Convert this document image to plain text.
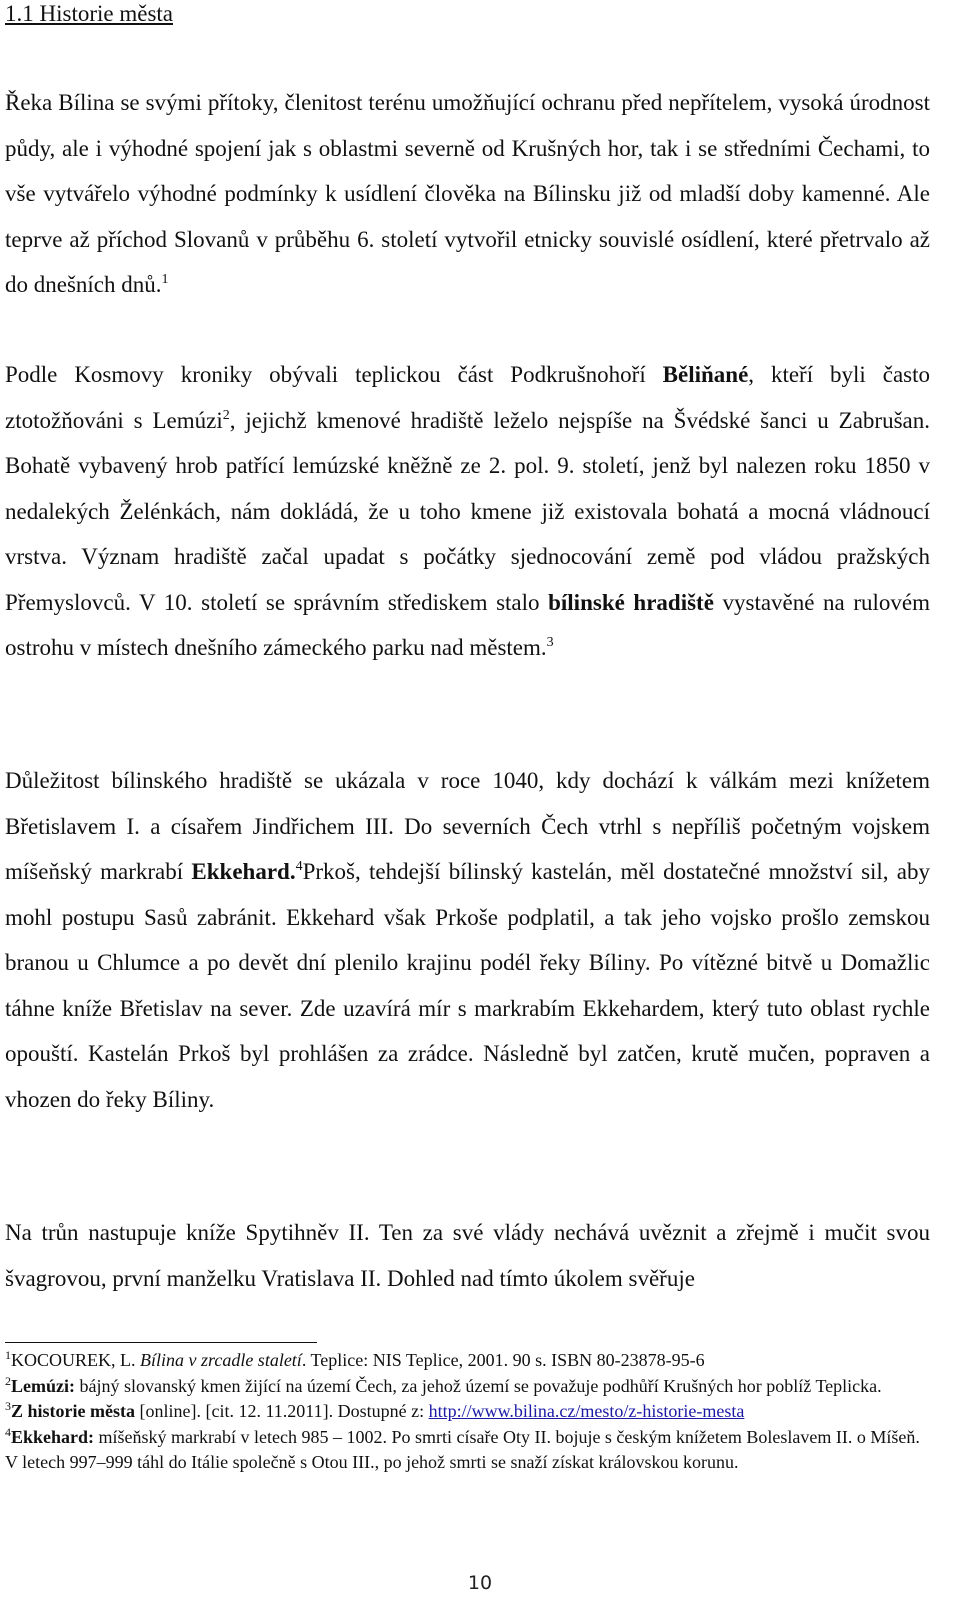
1.1 Historie města

Řeka Bílina se svými přítoky, členitost terénu umožňující ochranu před nepřítelem, vysoká úrodnost půdy, ale i výhodné spojení jak s oblastmi severně od Krušných hor, tak i se středními Čechami, to vše vytvářelo výhodné podmínky k usídlení člověka na Bílinsku již od mladší doby kamenné. Ale teprve až příchod Slovanů v průběhu 6. století vytvořil etnicky souvislé osídlení, které přetrvalo až do dnešních dnů.$^1$

Podle Kosmovy kroniky obývali teplickou část Podkrušnohoří Běliňané, kteří byli často ztotožňováni s Lemúzi$^2$, jejichž kmenové hradiště leželo nejspíše na Švédské šanci u Zabrušan. Bohatě vybavený hrob patřící lemúzské kněžně ze 2. pol. 9. století, jenž byl nalezen roku 1850 v nedalekých Želénkách, nám dokládá, že u toho kmene již existovala bohatá a mocná vládnoucí vrstva. Význam hradiště začal upadat s počátky sjednocování země pod vládou pražských Přemyslovců. V 10. století se správním střediskem stalo bílinské hradiště vystavěné na rulovém ostrohu v místech dnešního zámeckého parku nad městem.$^3$

Důležitost bílinského hradiště se ukázala v roce 1040, kdy dochází k válkám mezi knížetem Břetislavem I. a císařem Jindřichem III. Do severních Čech vtrhl s nepříliš početným vojskem míšeňský markrabí Ekkehard.$^4$Prkoš, tehdejší bílinský kastelán, měl dostatečné množství sil, aby mohl postupu Sasů zabránit. Ekkehard však Prkoše podplatil, a tak jeho vojsko prošlo zemskou branou u Chlumce a po devět dní plenilo krajinu podél řeky Bíliny. Po vítězné bitvě u Domažlic táhne kníže Břetislav na sever. Zde uzavírá mír s markrabím Ekkehardem, který tuto oblast rychle opouští. Kastelán Prkoš byl prohlášen za zrádce. Následně byl zatčen, krutě mučen, popraven a vhozen do řeky Bíliny.

Na trůn nastupuje kníže Spytihněv II. Ten za své vlády nechává uvěznit a zřejmě i mučit svou švagrovou, první manželku Vratislava II. Dohled nad tímto úkolem svěřuje

$^1$KOCOUREK, L. Bílina v zrcadle staletí. Teplice: NIS Teplice, 2001. 90 s. ISBN 80-23878-95-6

$^2$Lemúzi: bájný slovanský kmen žijící na území Čech, za jehož území se považuje podhůří Krušných hor poblíž Teplicka.

$^3$Z historie města [online]. [cit. 12. 11.2011]. Dostupné z: http://www.bilina.cz/mesto/z-historie-mesta

$^4$Ekkehard: míšeňský markrabí v letech 985 – 1002. Po smrti císaře Oty II. bojuje s českým knížetem Boleslavem II. o Míšeň. V letech 997–999 táhl do Itálie společně s Otou III., po jehož smrti se snaží získat královskou korunu.

10
